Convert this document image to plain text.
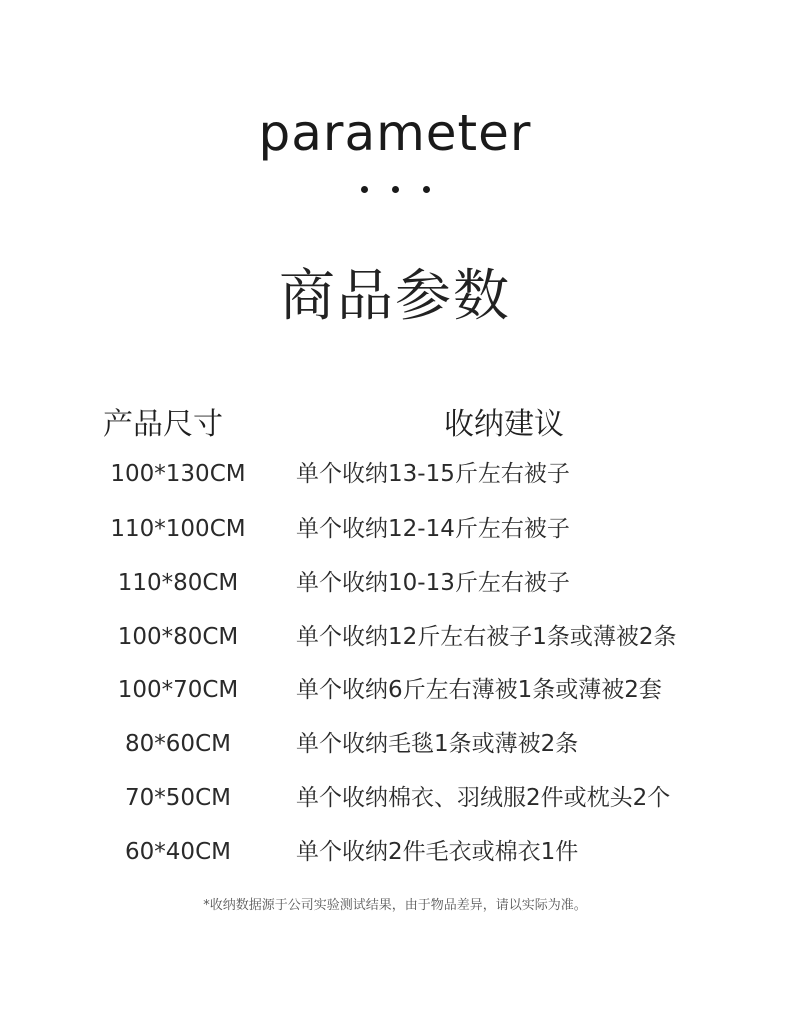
parameter
商品参数
产品尺寸	收纳建议
100*130CM	单个收纳13-15斤左右被子
110*100CM	单个收纳12-14斤左右被子
110*80CM	单个收纳10-13斤左右被子
100*80CM	单个收纳12斤左右被子1条或薄被2条
100*70CM	单个收纳6斤左右薄被1条或薄被2套
80*60CM	单个收纳毛毯1条或薄被2条
70*50CM	单个收纳棉衣、羽绒服2件或枕头2个
60*40CM	单个收纳2件毛衣或棉衣1件
*收纳数据源于公司实验测试结果，由于物品差异，请以实际为准。
